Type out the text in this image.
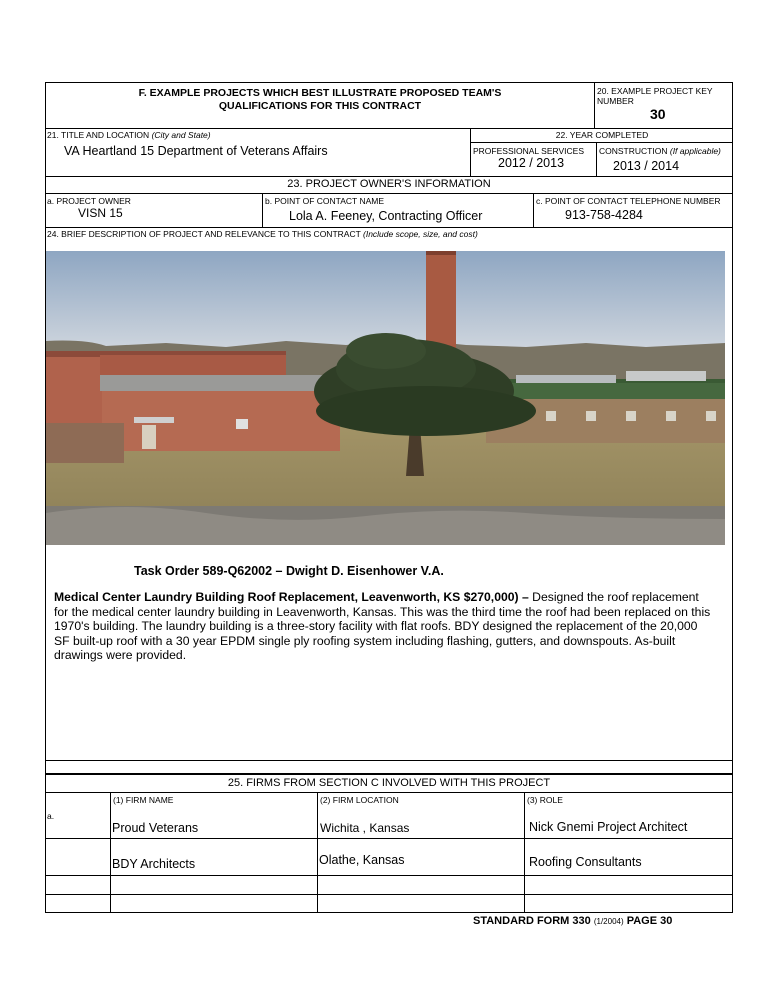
F. EXAMPLE PROJECTS WHICH BEST ILLUSTRATE PROPOSED TEAM'S
QUALIFICATIONS FOR THIS CONTRACT
20. EXAMPLE PROJECT KEY
NUMBER
30
21. TITLE AND LOCATION (City and State)
VA Heartland 15 Department of Veterans Affairs
22. YEAR COMPLETED
PROFESSIONAL SERVICES
2012 / 2013
CONSTRUCTION (If applicable)
2013 / 2014
23. PROJECT OWNER'S INFORMATION
a. PROJECT OWNER
VISN 15
b. POINT OF CONTACT NAME
Lola A. Feeney, Contracting Officer
c. POINT OF CONTACT TELEPHONE NUMBER
913-758-4284
24. BRIEF DESCRIPTION OF PROJECT AND RELEVANCE TO THIS CONTRACT (Include scope, size, and cost)
Task Order 589-Q62002 – Dwight D. Eisenhower V.A.
Medical Center Laundry Building Roof Replacement, Leavenworth, KS $270,000) – Designed the roof replacement for the medical center laundry building in Leavenworth, Kansas. This was the third time the roof had been replaced on this 1970's building. The laundry building is a three-story facility with flat roofs. BDY designed the replacement of the 20,000 SF built-up roof with a 30 year EPDM single ply roofing system including flashing, gutters, and downspouts. As-built drawings were provided.
25. FIRMS FROM SECTION C INVOLVED WITH THIS PROJECT
(1) FIRM NAME	(2) FIRM LOCATION	(3) ROLE
a.
Proud Veterans	Wichita , Kansas	Nick Gnemi Project Architect
BDY Architects	Olathe, Kansas	Roofing Consultants
STANDARD FORM 330 (1/2004) PAGE 30
